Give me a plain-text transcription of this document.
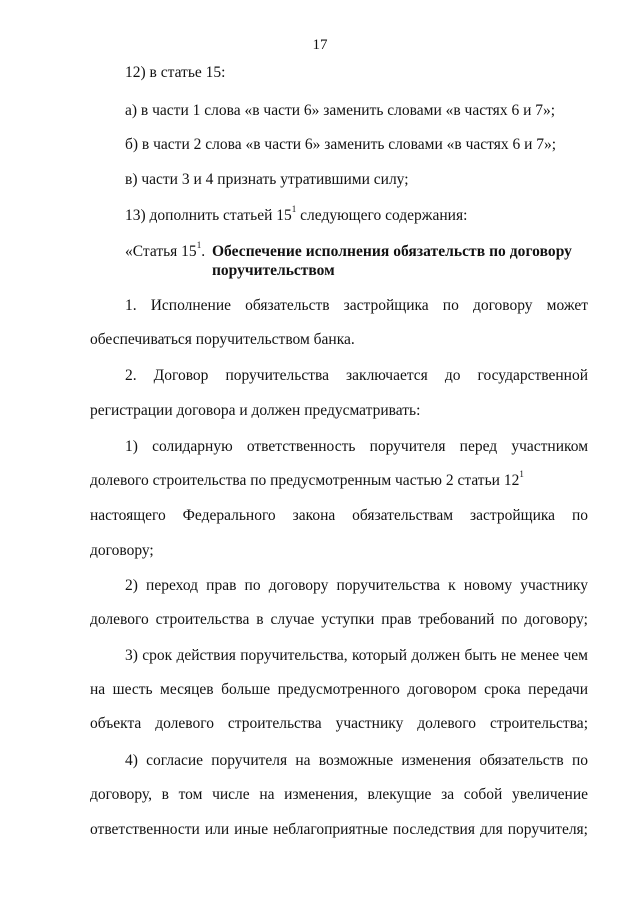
17
12) в статье 15:
а) в части 1 слова «в части 6» заменить словами «в частях 6 и 7»;
б) в части 2 слова «в части 6» заменить словами «в частях 6 и 7»;
в) части 3 и 4 признать утратившими силу;
13) дополнить статьей $15^1$ следующего содержания:
«Статья $15^1$. Обеспечение исполнения обязательств по договору
поручительством
1. Исполнение обязательств застройщика по договору может
обеспечиваться поручительством банка.
2. Договор поручительства заключается до государственной
регистрации договора и должен предусматривать:
1) солидарную ответственность поручителя перед участником
долевого строительства по предусмотренным частью 2 статьи $12^1$
настоящего Федерального закона обязательствам застройщика по
договору;
2) переход прав по договору поручительства к новому участнику
долевого строительства в случае уступки прав требований по договору;
3) срок действия поручительства, который должен быть не менее чем
на шесть месяцев больше предусмотренного договором срока передачи
объекта долевого строительства участнику долевого строительства;
4) согласие поручителя на возможные изменения обязательств по
договору, в том числе на изменения, влекущие за собой увеличение
ответственности или иные неблагоприятные последствия для поручителя;
